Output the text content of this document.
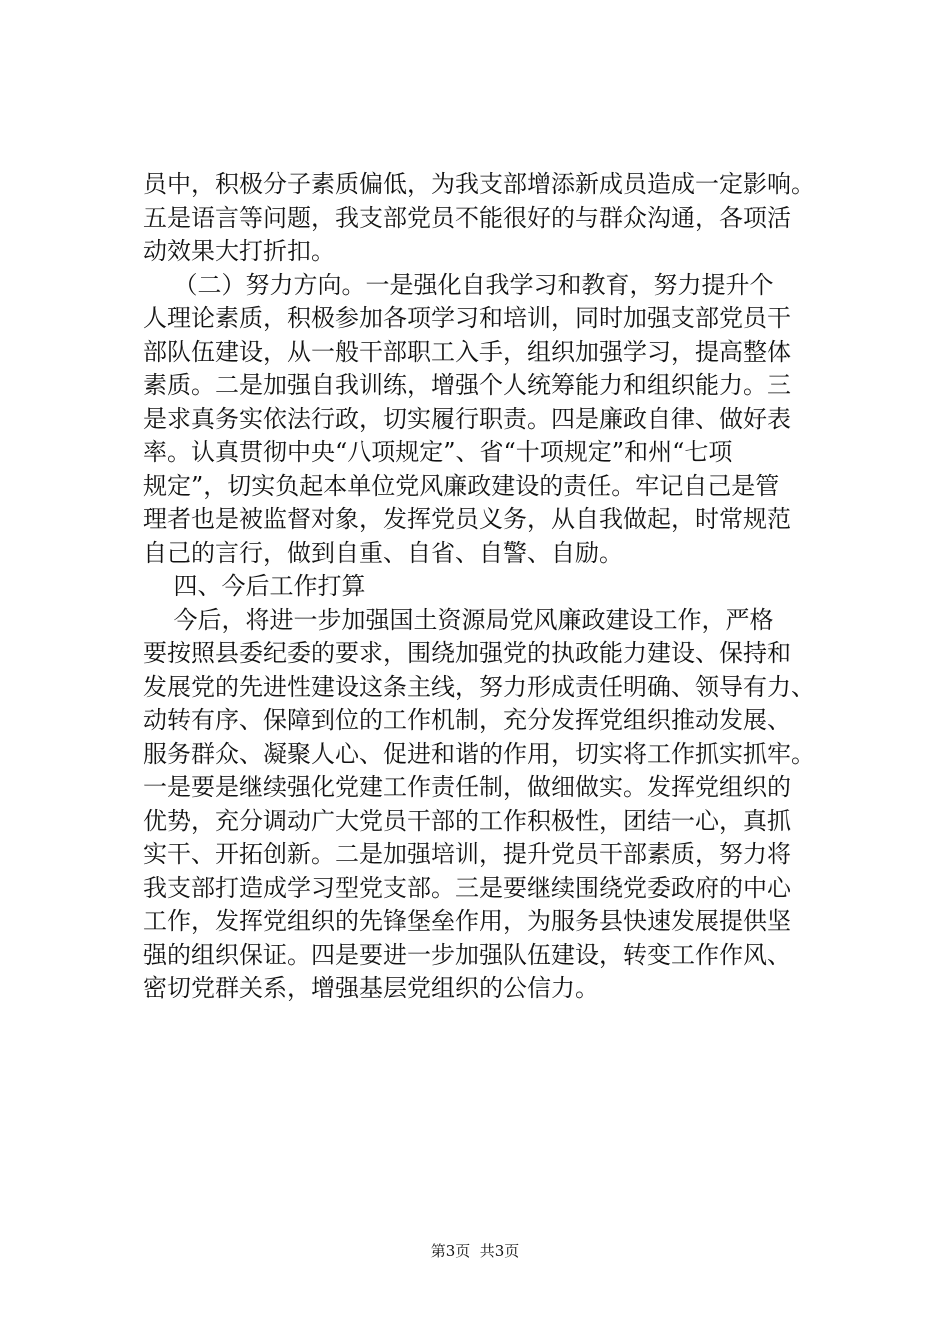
员中，积极分子素质偏低，为我支部增添新成员造成一定影响。
五是语言等问题，我支部党员不能很好的与群众沟通，各项活
动效果大打折扣。
（二）努力方向。一是强化自我学习和教育，努力提升个
人理论素质，积极参加各项学习和培训，同时加强支部党员干
部队伍建设，从一般干部职工入手，组织加强学习，提高整体
素质。二是加强自我训练，增强个人统筹能力和组织能力。三
是求真务实依法行政，切实履行职责。四是廉政自律、做好表
率。认真贯彻中央“八项规定”、省“十项规定”和州“七项
规定”，切实负起本单位党风廉政建设的责任。牢记自己是管
理者也是被监督对象，发挥党员义务，从自我做起，时常规范
自己的言行，做到自重、自省、自警、自励。
四、今后工作打算
今后，将进一步加强国土资源局党风廉政建设工作，严格
要按照县委纪委的要求，围绕加强党的执政能力建设、保持和
发展党的先进性建设这条主线，努力形成责任明确、领导有力、
动转有序、保障到位的工作机制，充分发挥党组织推动发展、
服务群众、凝聚人心、促进和谐的作用，切实将工作抓实抓牢。
一是要是继续强化党建工作责任制，做细做实。发挥党组织的
优势，充分调动广大党员干部的工作积极性，团结一心，真抓
实干、开拓创新。二是加强培训，提升党员干部素质，努力将
我支部打造成学习型党支部。三是要继续围绕党委政府的中心
工作，发挥党组织的先锋堡垒作用，为服务县快速发展提供坚
强的组织保证。四是要进一步加强队伍建设，转变工作作风、
密切党群关系，增强基层党组织的公信力。
第3页  共3页
